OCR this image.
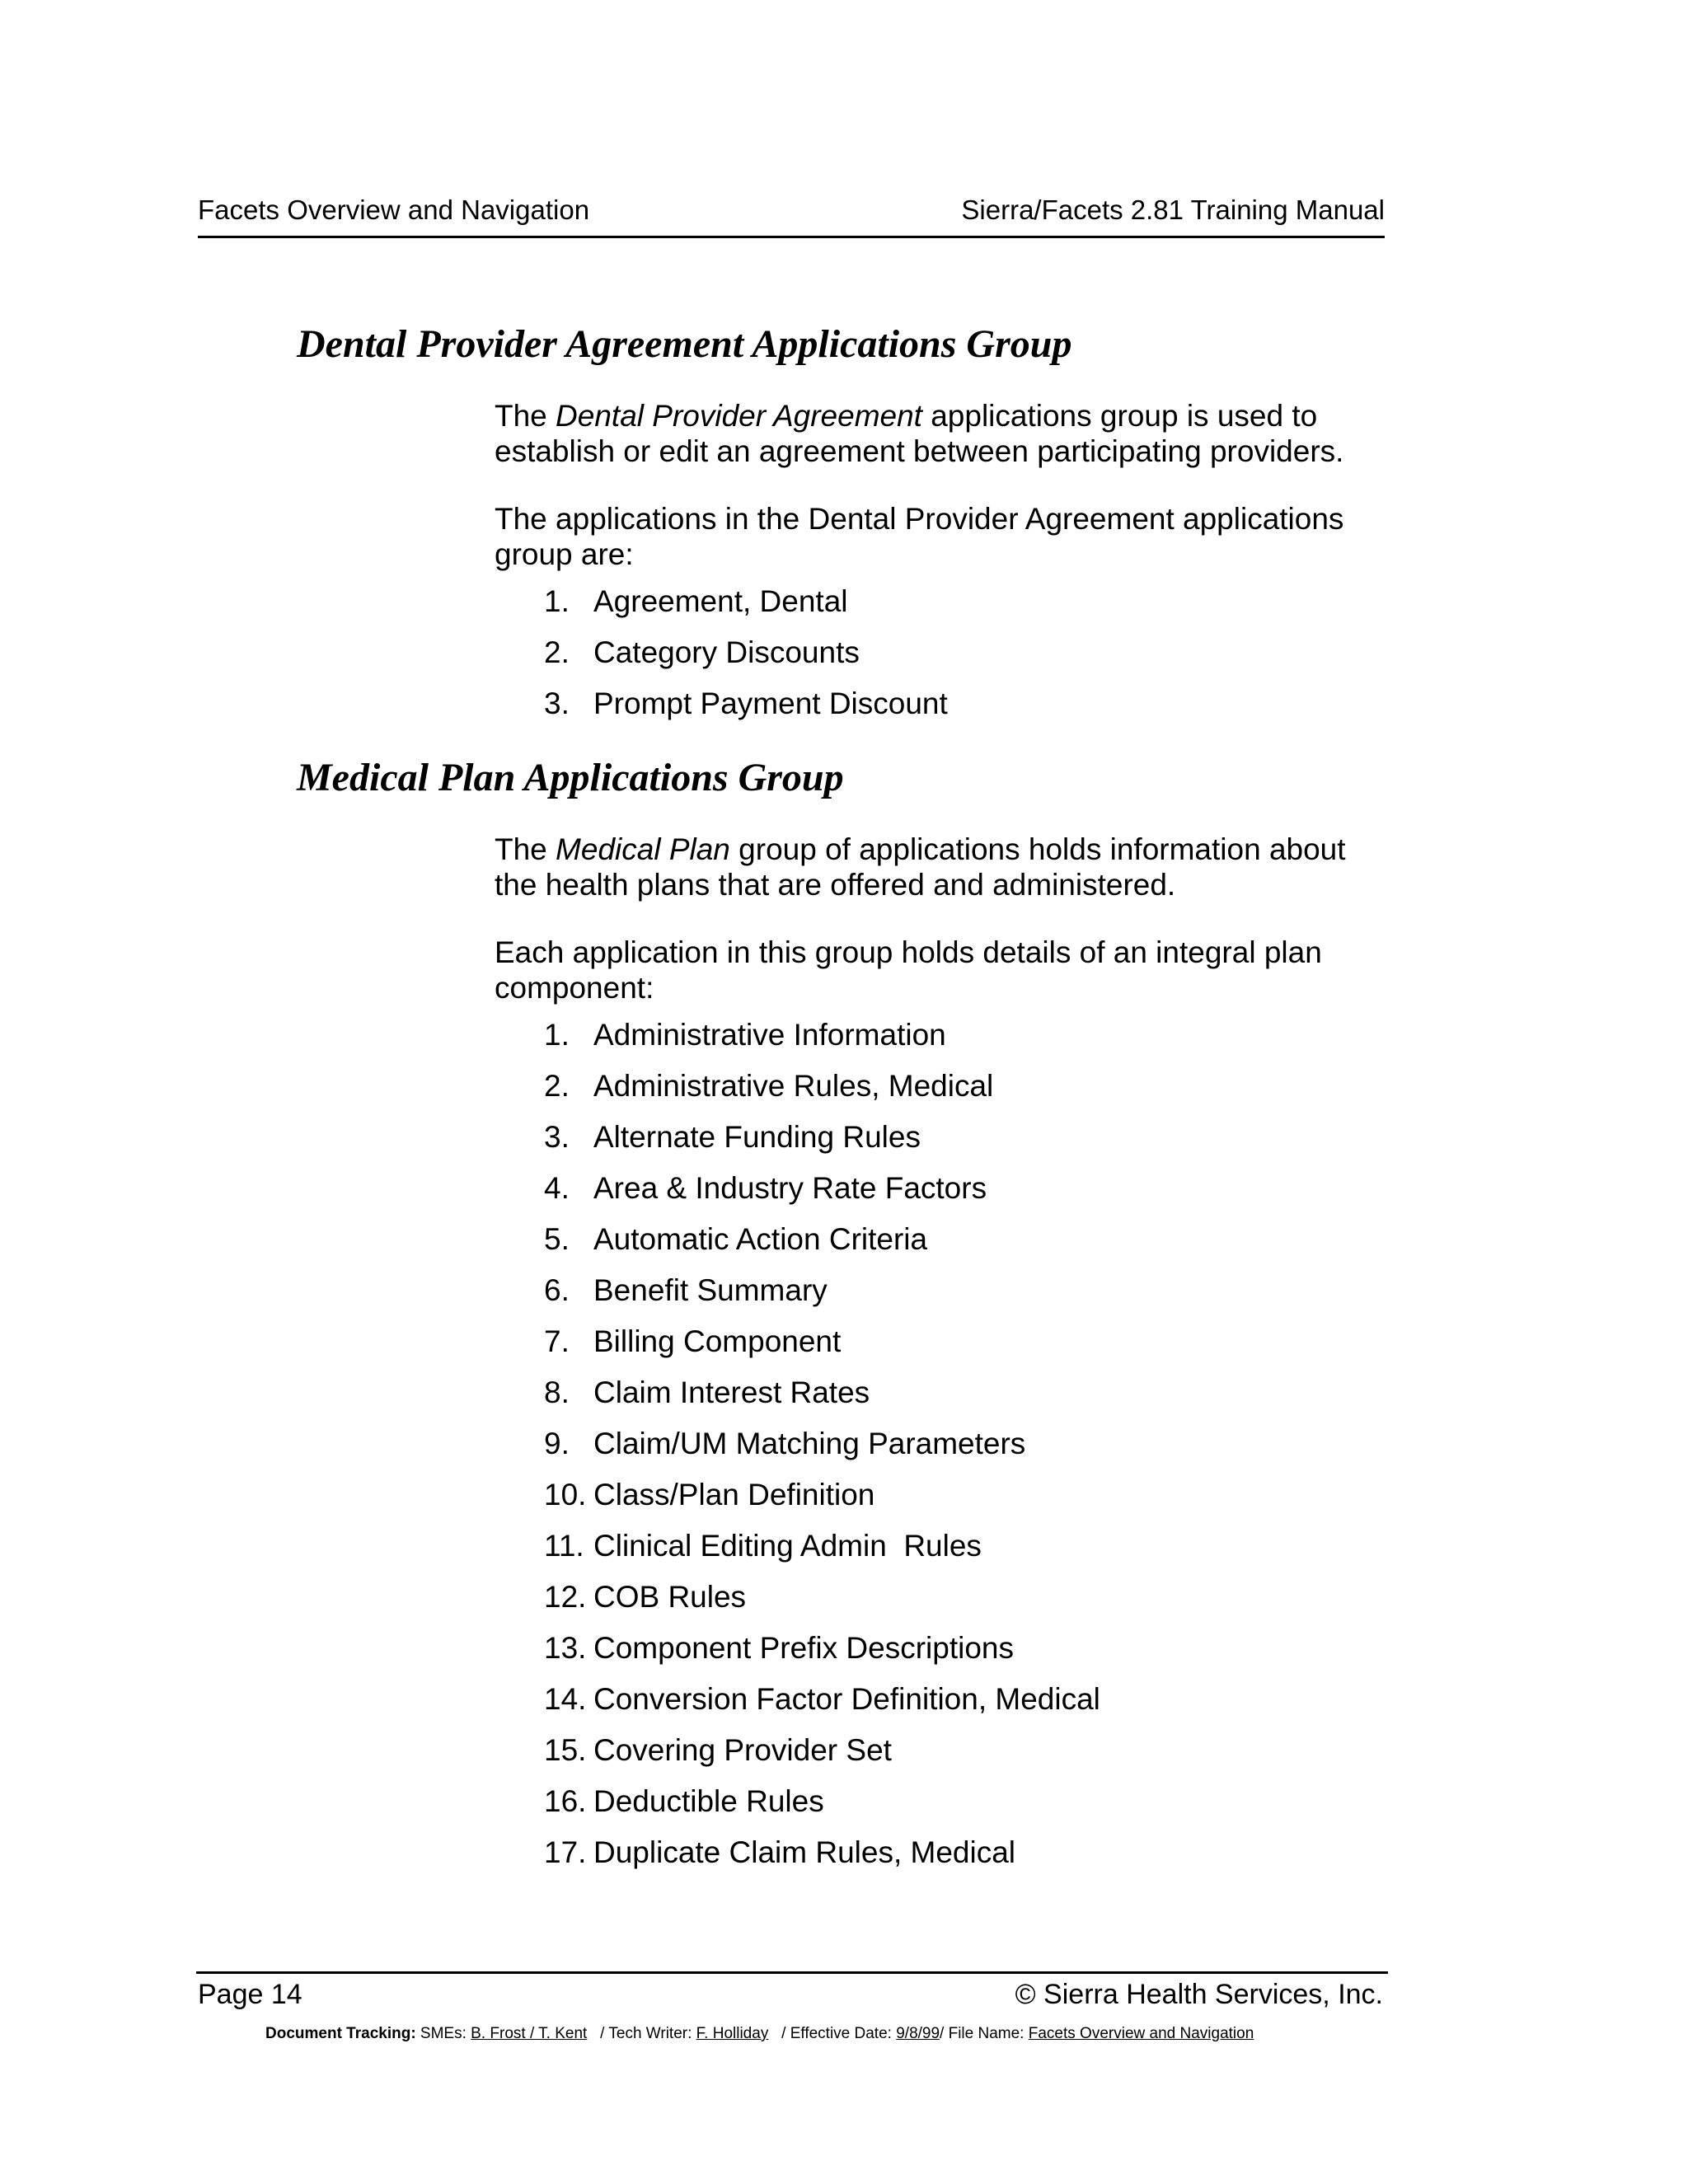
Facets Overview and Navigation	Sierra/Facets 2.81 Training Manual
Dental Provider Agreement Applications Group

The Dental Provider Agreement applications group is used to establish or edit an agreement between participating providers.

The applications in the Dental Provider Agreement applications group are:

1. Agreement, Dental
2. Category Discounts
3. Prompt Payment Discount
Medical Plan Applications Group

The Medical Plan group of applications holds information about the health plans that are offered and administered.

Each application in this group holds details of an integral plan component:

1. Administrative Information
2. Administrative Rules, Medical
3. Alternate Funding Rules
4. Area & Industry Rate Factors
5. Automatic Action Criteria
6. Benefit Summary
7. Billing Component
8. Claim Interest Rates
9. Claim/UM Matching Parameters
10. Class/Plan Definition
11. Clinical Editing Admin  Rules
12. COB Rules
13. Component Prefix Descriptions
14. Conversion Factor Definition, Medical
15. Covering Provider Set
16. Deductible Rules
17. Duplicate Claim Rules, Medical
Page 14	© Sierra Health Services, Inc.
Document Tracking: SMEs: B. Frost / T. Kent   / Tech Writer: F. Holliday   / Effective Date: 9/8/99/ File Name: Facets Overview and Navigation
